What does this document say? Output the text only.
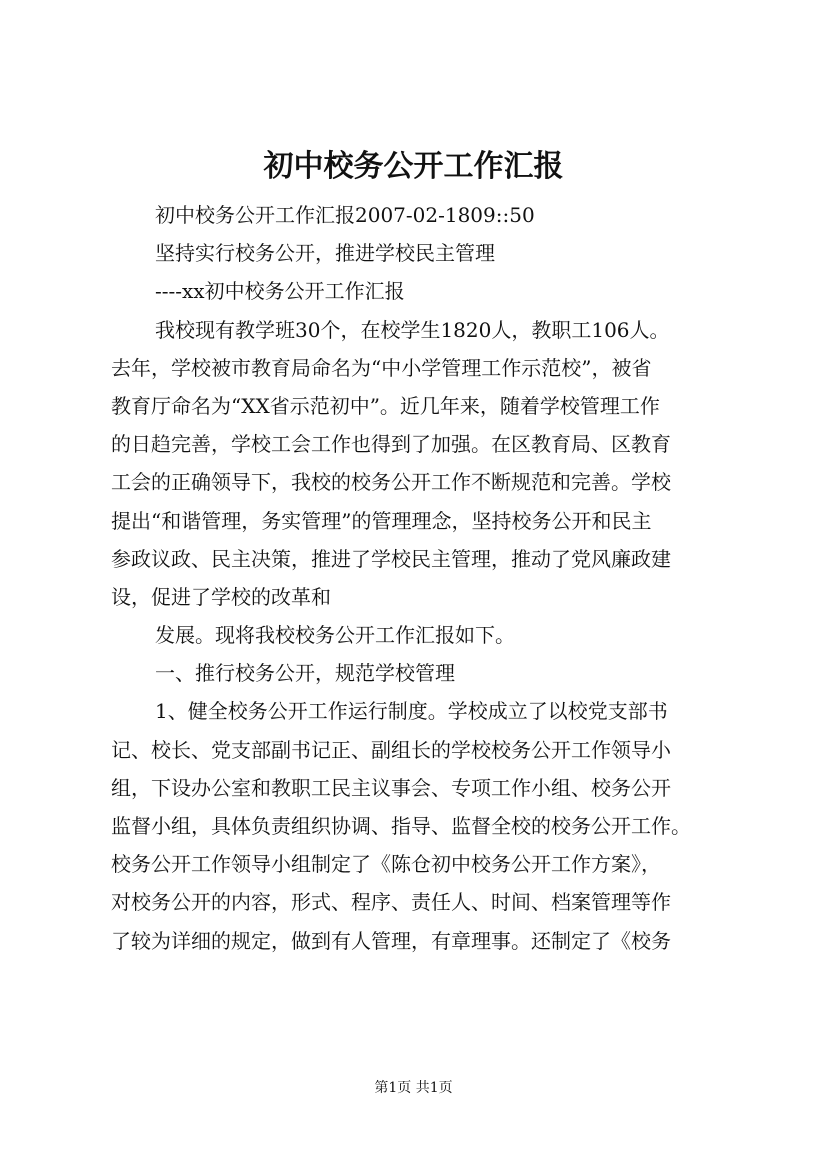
初中校务公开工作汇报
初中校务公开工作汇报2007-02-1809::50
坚持实行校务公开，推进学校民主管理
----xx初中校务公开工作汇报
我校现有教学班30个，在校学生1820人，教职工106人。
去年，学校被市教育局命名为“中小学管理工作示范校”，被省
教育厅命名为“XX省示范初中”。近几年来，随着学校管理工作
的日趋完善，学校工会工作也得到了加强。在区教育局、区教育
工会的正确领导下，我校的校务公开工作不断规范和完善。学校
提出“和谐管理，务实管理”的管理理念，坚持校务公开和民主
参政议政、民主决策，推进了学校民主管理，推动了党风廉政建
设，促进了学校的改革和
发展。现将我校校务公开工作汇报如下。
一、推行校务公开，规范学校管理
1、健全校务公开工作运行制度。学校成立了以校党支部书
记、校长、党支部副书记正、副组长的学校校务公开工作领导小
组，下设办公室和教职工民主议事会、专项工作小组、校务公开
监督小组，具体负责组织协调、指导、监督全校的校务公开工作。
校务公开工作领导小组制定了《陈仓初中校务公开工作方案》，
对校务公开的内容，形式、程序、责任人、时间、档案管理等作
了较为详细的规定，做到有人管理，有章理事。还制定了《校务
第1页 共1页
